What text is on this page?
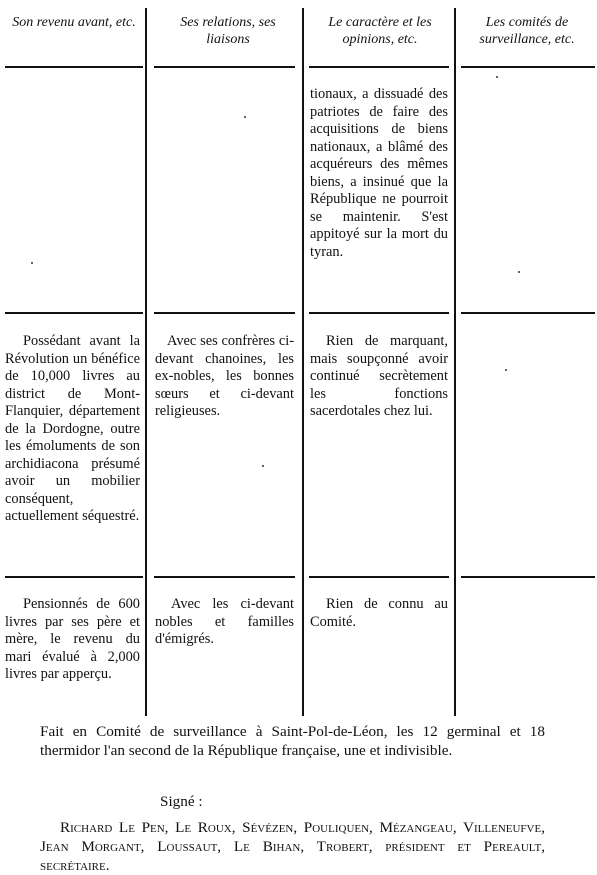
Son revenu avant, etc.	Ses relations, ses liaisons
Le caractère et les opinions, etc.
Les comités de surveillance, etc.
tionaux, a dissuadé des patriotes de faire des acquisitions de biens nationaux, a blâmé des acquéreurs des mêmes biens, a insinué que la République ne pourroit se maintenir. S'est appitoyé sur la mort du tyran.
Possédant avant la Révolution un bénéfice de 10,000 livres au district de Mont-Flanquier, département de la Dordogne, outre les émoluments de son archidiacona présumé avoir un mobilier conséquent, actuellement séquestré.
Avec ses confrères ci-devant chanoines, les ex-nobles, les bonnes sœurs et ci-devant religieuses.
Rien de marquant, mais soupçonné avoir continué secrètement les fonctions sacerdotales chez lui.
Pensionnés de 600 livres par ses père et mère, le revenu du mari évalué à 2,000 livres par apperçu.
Avec les ci-devant nobles et familles d'émigrés.
Rien de connu au Comité.
Fait en Comité de surveillance à Saint-Pol-de-Léon, les 12 germinal et 18 thermidor l'an second de la République française, une et indivisible.
Signé :
Richard Le Pen, Le Roux, Sévézen, Pouliquen, Mézangeau, Villeneufve, Jean Morgant, Loussaut, Le Bihan, Trobert, président et Pereault, secrétaire.
